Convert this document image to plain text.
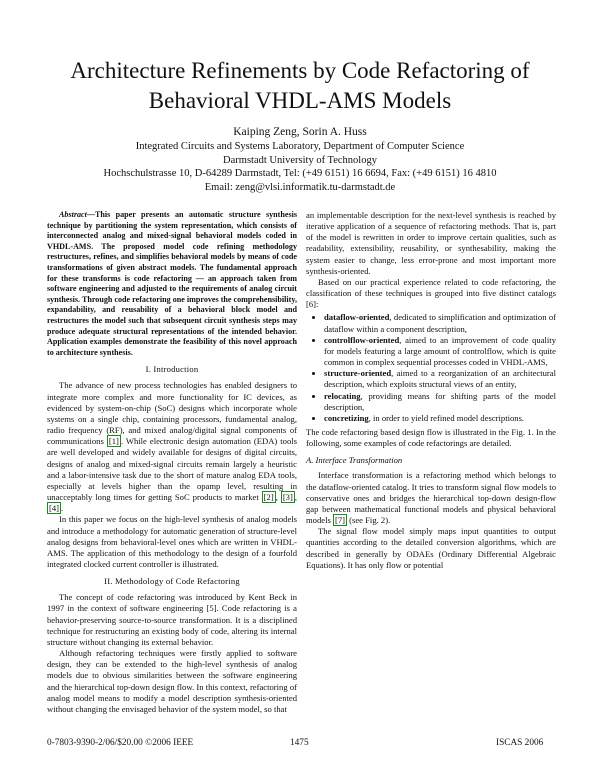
Architecture Refinements by Code Refactoring of Behavioral VHDL-AMS Models
Kaiping Zeng, Sorin A. Huss
Integrated Circuits and Systems Laboratory, Department of Computer Science
Darmstadt University of Technology
Hochschulstrasse 10, D-64289 Darmstadt, Tel: (+49 6151) 16 6694, Fax: (+49 6151) 16 4810
Email: zeng@vlsi.informatik.tu-darmstadt.de

Abstract—This paper presents an automatic structure synthesis technique by partitioning the system representation, which consists of interconnected analog and mixed-signal behavioral models coded in VHDL-AMS. The proposed model code refining methodology restructures, refines, and simplifies behavioral models by means of code transformations of given abstract models. The fundamental approach for these transforms is code refactoring — an approach taken from software engineering and adjusted to the requirements of analog circuit synthesis. Through code refactoring one improves the comprehensibility, expandability, and reusability of a behavioral block model and restructures the model such that subsequent circuit synthesis steps may produce adequate structural representations of the intended behavior. Application examples demonstrate the feasibility of this novel approach to architecture synthesis.

I. Introduction

The advance of new process technologies has enabled designers to integrate more complex and more functionality for IC devices, as evidenced by system-on-chip (SoC) designs which incorporate whole systems on a single chip, containing processors, fundamental analog, radio frequency (RF), and mixed analog/digital signal components of communications [1] . While electronic design automation (EDA) tools are well developed and widely available for designs of digital circuits, designs of analog and mixed-signal circuits remain largely a heuristic and a labor-intensive task due to the short of mature analog EDA tools, especially at levels higher than the opamp level, resulting in unacceptably long times for getting SoC products to market [2] , [3] , [4] .

In this paper we focus on the high-level synthesis of analog models and introduce a methodology for automatic generation of structure-level analog designs from behavioral-level ones which are written in VHDL-AMS. The application of this methodology to the design of a fourfold integrated clocked current controller is illustrated.

II. Methodology of Code Refactoring

The concept of code refactoring was introduced by Kent Beck in 1997 in the context of software engineering [5]. Code refactoring is a behavior-preserving source-to-source transformation. It is a disciplined technique for restructuring an existing body of code, altering its internal structure without changing its external behavior.

Although refactoring techniques were firstly applied to software design, they can be extended to the high-level synthesis of analog models due to obvious similarities between the software engineering and the hierarchical top-down design flow. In this context, refactoring of analog model means to modify a model description synthesis-oriented without changing the envisaged behavior of the system model, so that

an implementable description for the next-level synthesis is reached by iterative application of a sequence of refactoring methods. That is, part of the model is rewritten in order to improve certain qualities, such as readability, extensibility, reusability, or synthesability, making the system easier to change, less error-prone and most important more synthesis-oriented.

Based on our practical experience related to code refactoring, the classification of these techniques is grouped into five distinct catalogs [6]:

• dataflow-oriented, dedicated to simplification and optimization of dataflow within a component description,
• controlflow-oriented, aimed to an improvement of code quality for models featuring a large amount of controlflow, which is quite common in complex sequential processes coded in VHDL-AMS,
• structure-oriented, aimed to a reorganization of an architectural description, which exploits structural views of an entity,
• relocating, providing means for shifting parts of the model description,
• concretizing, in order to yield refined model descriptions.

The code refactoring based design flow is illustrated in the Fig. 1. In the following, some examples of code refactorings are detailed.

A. Interface Transformation

Interface transformation is a refactoring method which belongs to the dataflow-oriented catalog. It tries to transform signal flow models to conservative ones and bridges the hierarchical top-down design-flow gap between mathematical functional models and physical behavioral models [7] (see Fig. 2).

The signal flow model simply maps input quantities to output quantities according to the detailed conversion algorithms, which are described in generally by ODAEs (Ordinary Differential Algebraic Equations). It has only flow or potential

0-7803-9390-2/06/$20.00 ©2006 IEEE	1475	ISCAS 2006
